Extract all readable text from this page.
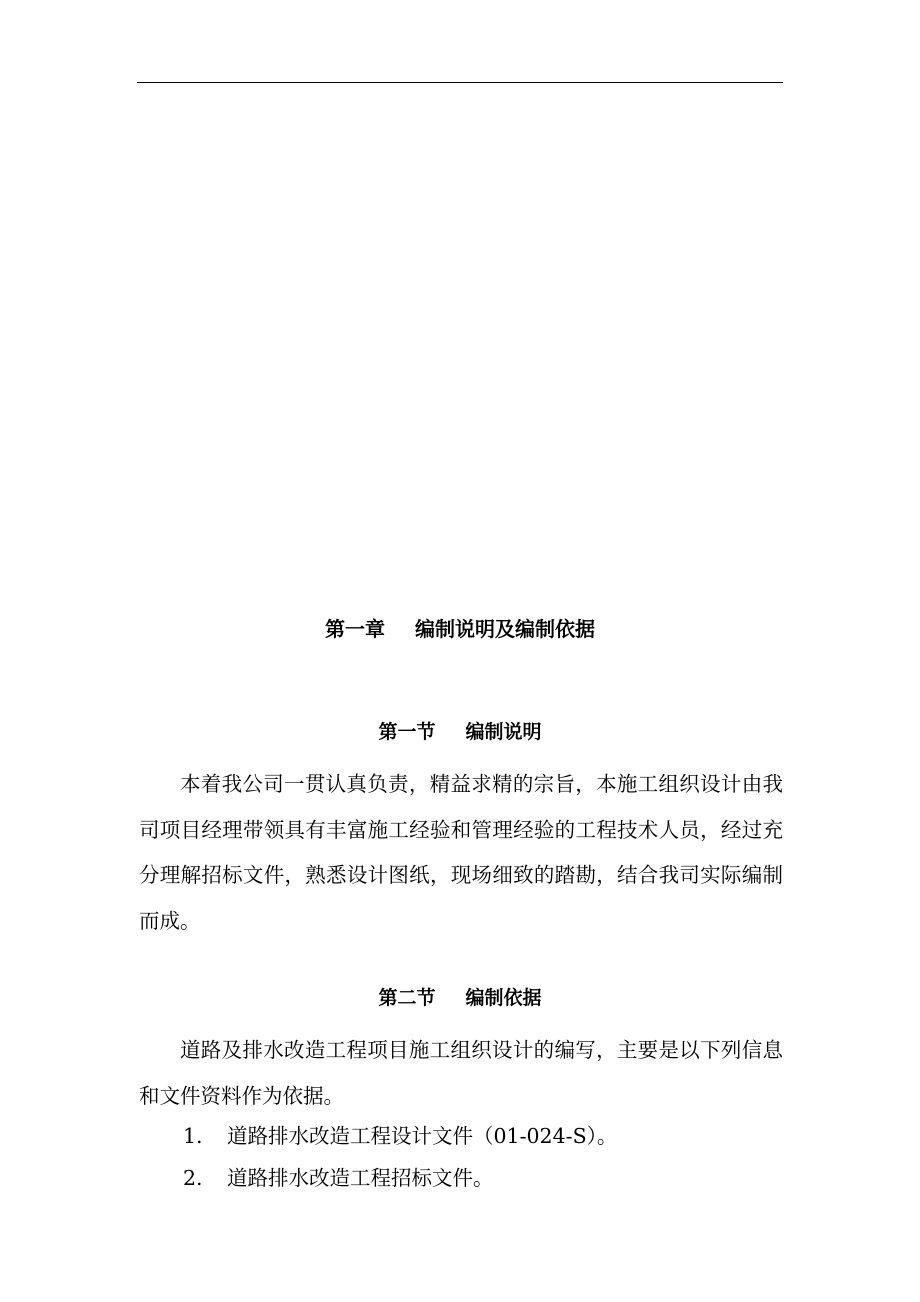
第一章 编制说明及编制依据
第一节 编制说明

本着我公司一贯认真负责，精益求精的宗旨，本施工组织设计由我司项目经理带领具有丰富施工经验和管理经验的工程技术人员，经过充分理解招标文件，熟悉设计图纸，现场细致的踏勘，结合我司实际编制而成。

第二节 编制依据

道路及排水改造工程项目施工组织设计的编写，主要是以下列信息和文件资料作为依据。

1. 道路排水改造工程设计文件（01-024-S）。
2. 道路排水改造工程招标文件。
